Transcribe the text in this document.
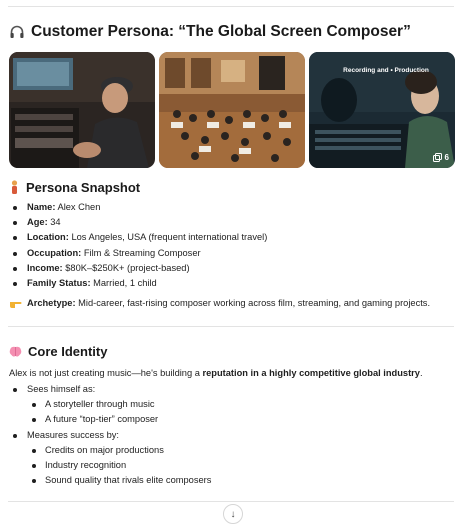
Customer Persona: “The Global Screen Composer”
Recording and • Production
6
Persona Snapshot
Name: Alex Chen
Age: 34
Location: Los Angeles, USA (frequent international travel)
Occupation: Film & Streaming Composer
Income: $80K–$250K+ (project-based)
Family Status: Married, 1 child
Archetype: Mid-career, fast-rising composer working across film, streaming, and gaming projects.
Core Identity
Alex is not just creating music—he's building a reputation in a highly competitive global industry.
Sees himself as:
A storyteller through music
A future “top-tier” composer
Measures success by:
Credits on major productions
Industry recognition
Sound quality that rivals elite composers
↓
